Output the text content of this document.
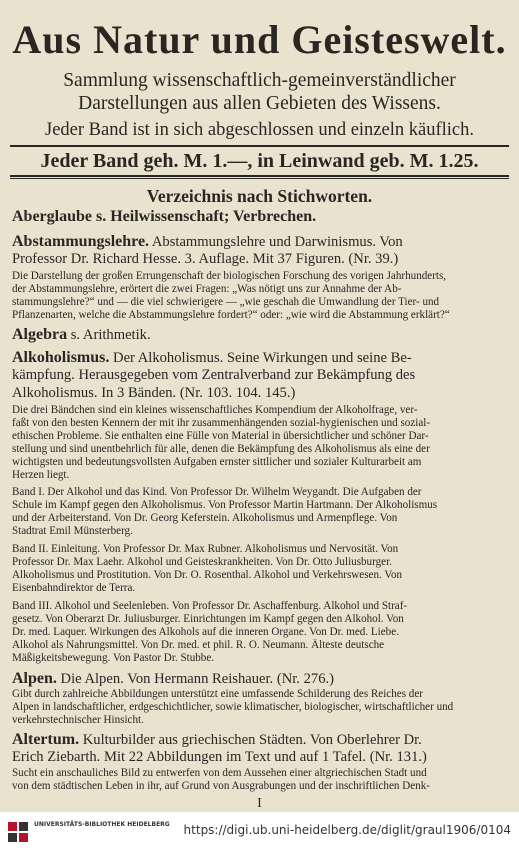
Aus Natur und Geisteswelt.
Sammlung wissenschaftlich-gemeinverständlicher
Darstellungen aus allen Gebieten des Wissens.
Jeder Band ist in sich abgeschlossen und einzeln käuflich.
Jeder Band geh. M. 1.—, in Leinwand geb. M. 1.25.
Verzeichnis nach Stichworten.
Aberglaube s. Heilwissenschaft; Verbrechen.
Abstammungslehre. Abstammungslehre und Darwinismus. Von
Professor Dr. Richard Hesse. 3. Auflage. Mit 37 Figuren. (Nr. 39.)
Die Darstellung der großen Errungenschaft der biologischen Forschung des vorigen Jahrhunderts,
der Abstammungslehre, erörtert die zwei Fragen: „Was nötigt uns zur Annahme der Ab-
stammungslehre?“ und — die viel schwierigere — „wie geschah die Umwandlung der Tier- und
Pflanzenarten, welche die Abstammungslehre fordert?“ oder: „wie wird die Abstammung erklärt?“
Algebra s. Arithmetik.
Alkoholismus. Der Alkoholismus. Seine Wirkungen und seine Be-
kämpfung. Herausgegeben vom Zentralverband zur Bekämpfung des
Alkoholismus. In 3 Bänden. (Nr. 103. 104. 145.)
Die drei Bändchen sind ein kleines wissenschaftliches Kompendium der Alkoholfrage, ver-
faßt von den besten Kennern der mit ihr zusammenhängenden sozial-hygienischen und sozial-
ethischen Probleme. Sie enthalten eine Fülle von Material in übersichtlicher und schöner Dar-
stellung und sind unentbehrlich für alle, denen die Bekämpfung des Alkoholismus als eine der
wichtigsten und bedeutungsvollsten Aufgaben ernster sittlicher und sozialer Kulturarbeit am
Herzen liegt.
Band I. Der Alkohol und das Kind. Von Professor Dr. Wilhelm Weygandt. Die Aufgaben der
Schule im Kampf gegen den Alkoholismus. Von Professor Martin Hartmann. Der Alkoholismus
und der Arbeiterstand. Von Dr. Georg Keferstein. Alkoholismus und Armenpflege. Von
Stadtrat Emil Münsterberg.
Band II. Einleitung. Von Professor Dr. Max Rubner. Alkoholismus und Nervosität. Von
Professor Dr. Max Laehr. Alkohol und Geisteskrankheiten. Von Dr. Otto Juliusburger.
Alkoholismus und Prostitution. Von Dr. O. Rosenthal. Alkohol und Verkehrswesen. Von
Eisenbahndirektor de Terra.
Band III. Alkohol und Seelenleben. Von Professor Dr. Aschaffenburg. Alkohol und Straf-
gesetz. Von Oberarzt Dr. Juliusburger. Einrichtungen im Kampf gegen den Alkohol. Von
Dr. med. Laquer. Wirkungen des Alkohols auf die inneren Organe. Von Dr. med. Liebe.
Alkohol als Nahrungsmittel. Von Dr. med. et phil. R. O. Neumann. Älteste deutsche
Mäßigkeitsbewegung. Von Pastor Dr. Stubbe.
Alpen. Die Alpen. Von Hermann Reishauer. (Nr. 276.)
Gibt durch zahlreiche Abbildungen unterstützt eine umfassende Schilderung des Reiches der
Alpen in landschaftlicher, erdgeschichtlicher, sowie klimatischer, biologischer, wirtschaftlicher und
verkehrstechnischer Hinsicht.
Altertum. Kulturbilder aus griechischen Städten. Von Oberlehrer Dr.
Erich Ziebarth. Mit 22 Abbildungen im Text und auf 1 Tafel. (Nr. 131.)
Sucht ein anschauliches Bild zu entwerfen von dem Aussehen einer altgriechischen Stadt und
von dem städtischen Leben in ihr, auf Grund von Ausgrabungen und der inschriftlichen Denk-
I
UNIVERSITÄTS-BIBLIOTHEK HEIDELBERG https://digi.ub.uni-heidelberg.de/diglit/graul1906/0104
